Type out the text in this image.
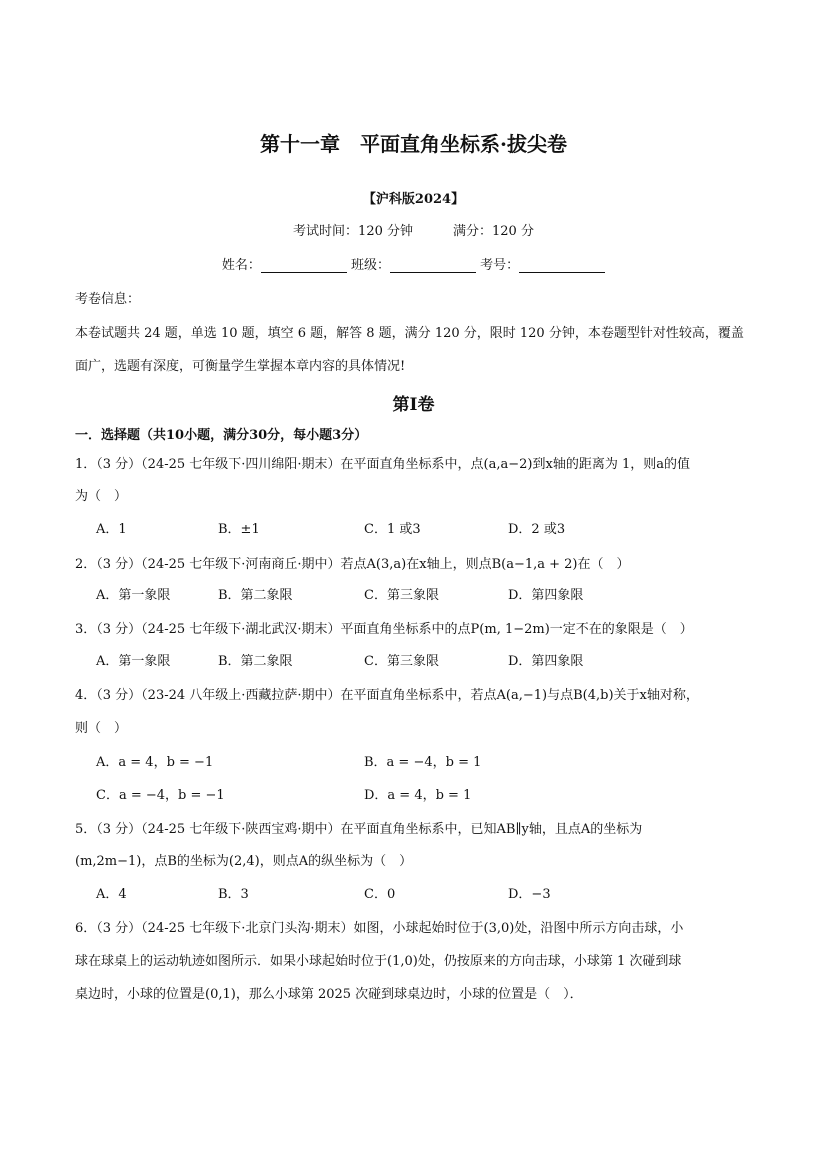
第十一章　平面直角坐标系·拔尖卷
【沪科版2024】
考试时间：120 分钟	满分：120 分
姓名：	班级：	考号：
考卷信息：
本卷试题共 24 题，单选 10 题，填空 6 题，解答 8 题，满分 120 分，限时 120 分钟，本卷题型针对性较高，覆盖
面广，选题有深度，可衡量学生掌握本章内容的具体情况!
第I卷
一．选择题（共10小题，满分30分，每小题3分）
1．（3 分）（24-25 七年级下·四川绵阳·期末）在平面直角坐标系中，点(a,a−2)到x轴的距离为 1，则a的值
为（　）
A．1	B．±1	C．1 或3	D．2 或3
2．（3 分）（24-25 七年级下·河南商丘·期中）若点A(3,a)在x轴上，则点B(a−1,a + 2)在（　）
A．第一象限	B．第二象限	C．第三象限	D．第四象限
3．（3 分）（24-25 七年级下·湖北武汉·期末）平面直角坐标系中的点P(m, 1−2m)一定不在的象限是（　）
A．第一象限	B．第二象限	C．第三象限	D．第四象限
4．（3 分）（23-24 八年级上·西藏拉萨·期中）在平面直角坐标系中，若点A(a,−1)与点B(4,b)关于x轴对称，
则（　）
A．a = 4，b = −1	B．a = −4，b = 1
C．a = −4，b = −1	D．a = 4，b = 1
5．（3 分）（24-25 七年级下·陕西宝鸡·期中）在平面直角坐标系中，已知AB∥y轴，且点A的坐标为
(m,2m−1)，点B的坐标为(2,4)，则点A的纵坐标为（　）
A．4	B．3	C．0	D．−3
6．（3 分）（24-25 七年级下·北京门头沟·期末）如图，小球起始时位于(3,0)处，沿图中所示方向击球，小
球在球桌上的运动轨迹如图所示．如果小球起始时位于(1,0)处，仍按原来的方向击球，小球第 1 次碰到球
桌边时，小球的位置是(0,1)，那么小球第 2025 次碰到球桌边时，小球的位置是（　）．
